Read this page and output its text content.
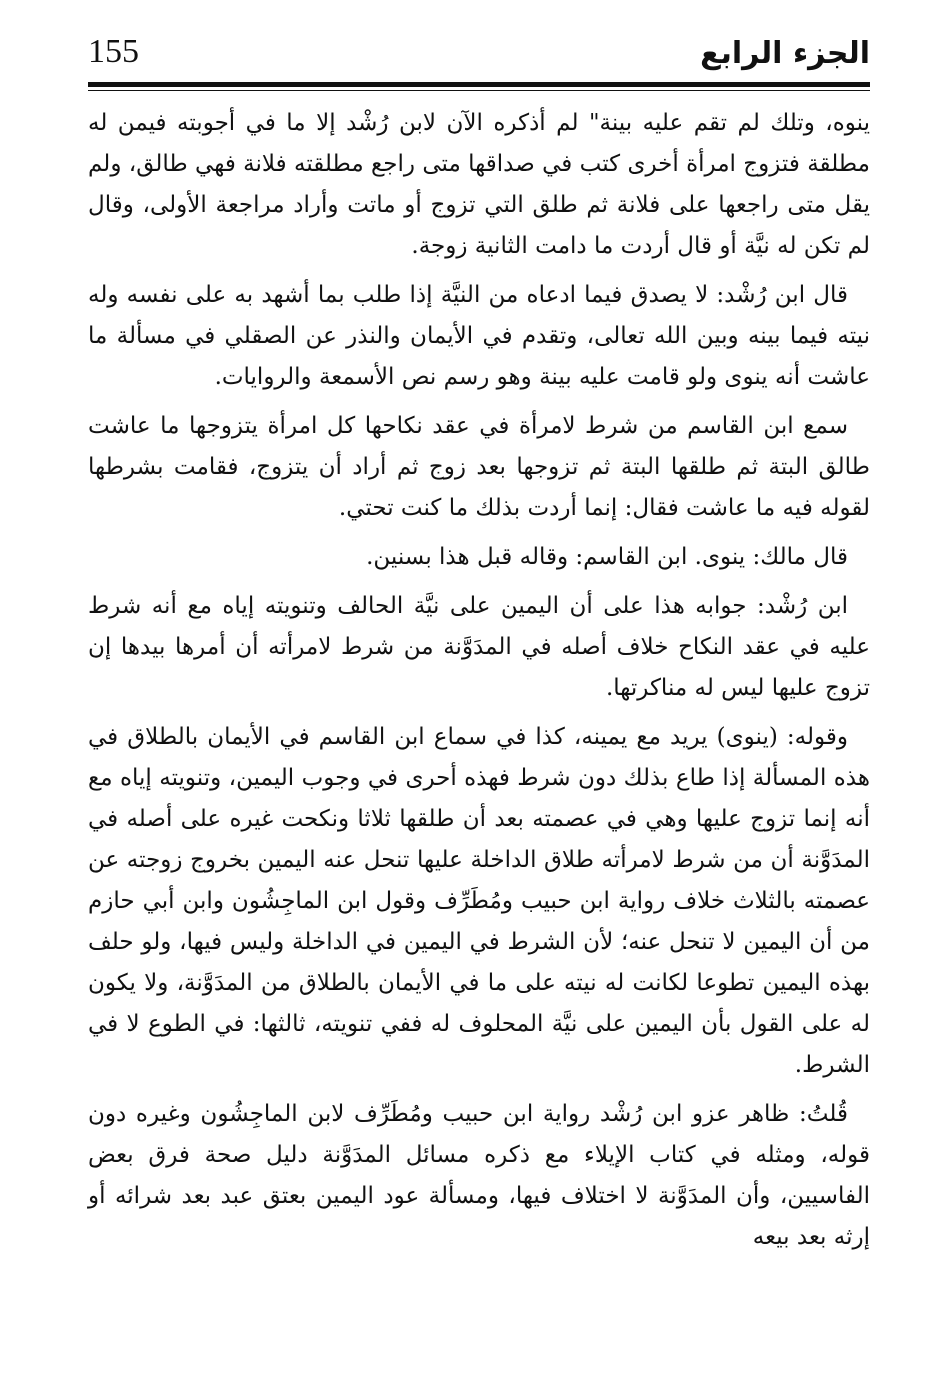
الجزء الرابع
155

ينوه، وتلك لم تقم عليه بينة" لم أذكره الآن لابن رُشْد إلا ما في أجوبته فيمن له مطلقة فتزوج امرأة أخرى كتب في صداقها متى راجع مطلقته فلانة فهي طالق، ولم يقل متى راجعها على فلانة ثم طلق التي تزوج أو ماتت وأراد مراجعة الأولى، وقال لم تكن له نيَّة أو قال أردت ما دامت الثانية زوجة.

قال ابن رُشْد: لا يصدق فيما ادعاه من النيَّة إذا طلب بما أشهد به على نفسه وله نيته فيما بينه وبين الله تعالى، وتقدم في الأيمان والنذر عن الصقلي في مسألة ما عاشت أنه ينوى ولو قامت عليه بينة وهو رسم نص الأسمعة والروايات.

سمع ابن القاسم من شرط لامرأة في عقد نكاحها كل امرأة يتزوجها ما عاشت طالق البتة ثم طلقها البتة ثم تزوجها بعد زوج ثم أراد أن يتزوج، فقامت بشرطها لقوله فيه ما عاشت فقال: إنما أردت بذلك ما كنت تحتي.

قال مالك: ينوى. ابن القاسم: وقاله قبل هذا بسنين.

ابن رُشْد: جوابه هذا على أن اليمين على نيَّة الحالف وتنويته إياه مع أنه شرط عليه في عقد النكاح خلاف أصله في المدَوَّنة من شرط لامرأته أن أمرها بيدها إن تزوج عليها ليس له مناكرتها.

وقوله: (ينوى) يريد مع يمينه، كذا في سماع ابن القاسم في الأيمان بالطلاق في هذه المسألة إذا طاع بذلك دون شرط فهذه أحرى في وجوب اليمين، وتنويته إياه مع أنه إنما تزوج عليها وهي في عصمته بعد أن طلقها ثلاثا ونكحت غيره على أصله في المدَوَّنة أن من شرط لامرأته طلاق الداخلة عليها تنحل عنه اليمين بخروج زوجته عن عصمته بالثلاث خلاف رواية ابن حبيب ومُطَرِّف وقول ابن الماجِشُون وابن أبي حازم من أن اليمين لا تنحل عنه؛ لأن الشرط في اليمين في الداخلة وليس فيها، ولو حلف بهذه اليمين تطوعا لكانت له نيته على ما في الأيمان بالطلاق من المدَوَّنة، ولا يكون له على القول بأن اليمين على نيَّة المحلوف له ففي تنويته، ثالثها: في الطوع لا في الشرط.

قُلتُ: ظاهر عزو ابن رُشْد رواية ابن حبيب ومُطَرِّف لابن الماجِشُون وغيره دون قوله، ومثله في كتاب الإيلاء مع ذكره مسائل المدَوَّنة دليل صحة فرق بعض الفاسيين، وأن المدَوَّنة لا اختلاف فيها، ومسألة عود اليمين بعتق عبد بعد شرائه أو إرثه بعد بيعه
